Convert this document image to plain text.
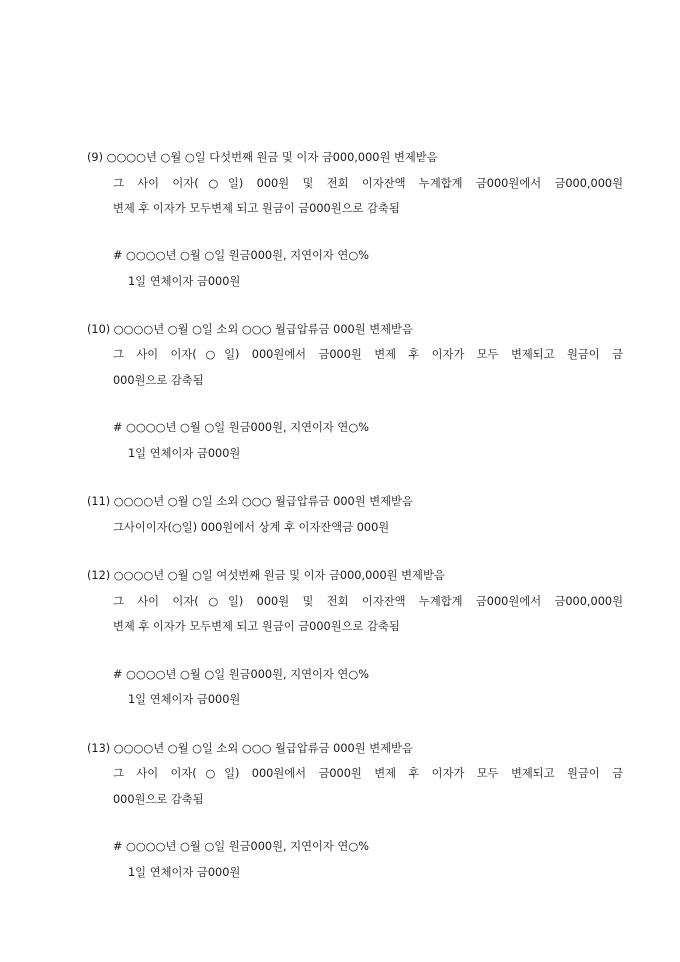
(9) ○○○○년 ○월 ○일 다섯번째 원금 및 이자 금000,000원 변제받음
그 사이 이자(○일) 000원 및 전회 이자잔액 누계합계 금000원에서 금000,000원
변제 후 이자가 모두변제 되고 원금이 금000원으로 감축됨
# ○○○○년 ○월 ○일 원금000원, 지연이자 연○%
1일 연체이자 금000원
(10) ○○○○년 ○월 ○일 소외 ○○○ 월급압류금 000원 변제받음
그 사이 이자(○일) 000원에서 금000원 변제 후 이자가 모두 변제되고 원금이 금
000원으로 감축됨
# ○○○○년 ○월 ○일 원금000원, 지연이자 연○%
1일 연체이자 금000원
(11) ○○○○년 ○월 ○일 소외 ○○○ 월급압류금 000원 변제받음
그사이이자(○일) 000원에서 상계 후 이자잔액금 000원
(12) ○○○○년 ○월 ○일 여섯번째 원금 및 이자 금000,000원 변제받음
그 사이 이자(○일) 000원 및 전회 이자잔액 누계합계 금000원에서 금000,000원
변제 후 이자가 모두변제 되고 원금이 금000원으로 감축됨
# ○○○○년 ○월 ○일 원금000원, 지연이자 연○%
1일 연체이자 금000원
(13) ○○○○년 ○월 ○일 소외 ○○○ 월급압류금 000원 변제받음
그 사이 이자(○일) 000원에서 금000원 변제 후 이자가 모두 변제되고 원금이 금
000원으로 감축됨
# ○○○○년 ○월 ○일 원금000원, 지연이자 연○%
1일 연체이자 금000원
